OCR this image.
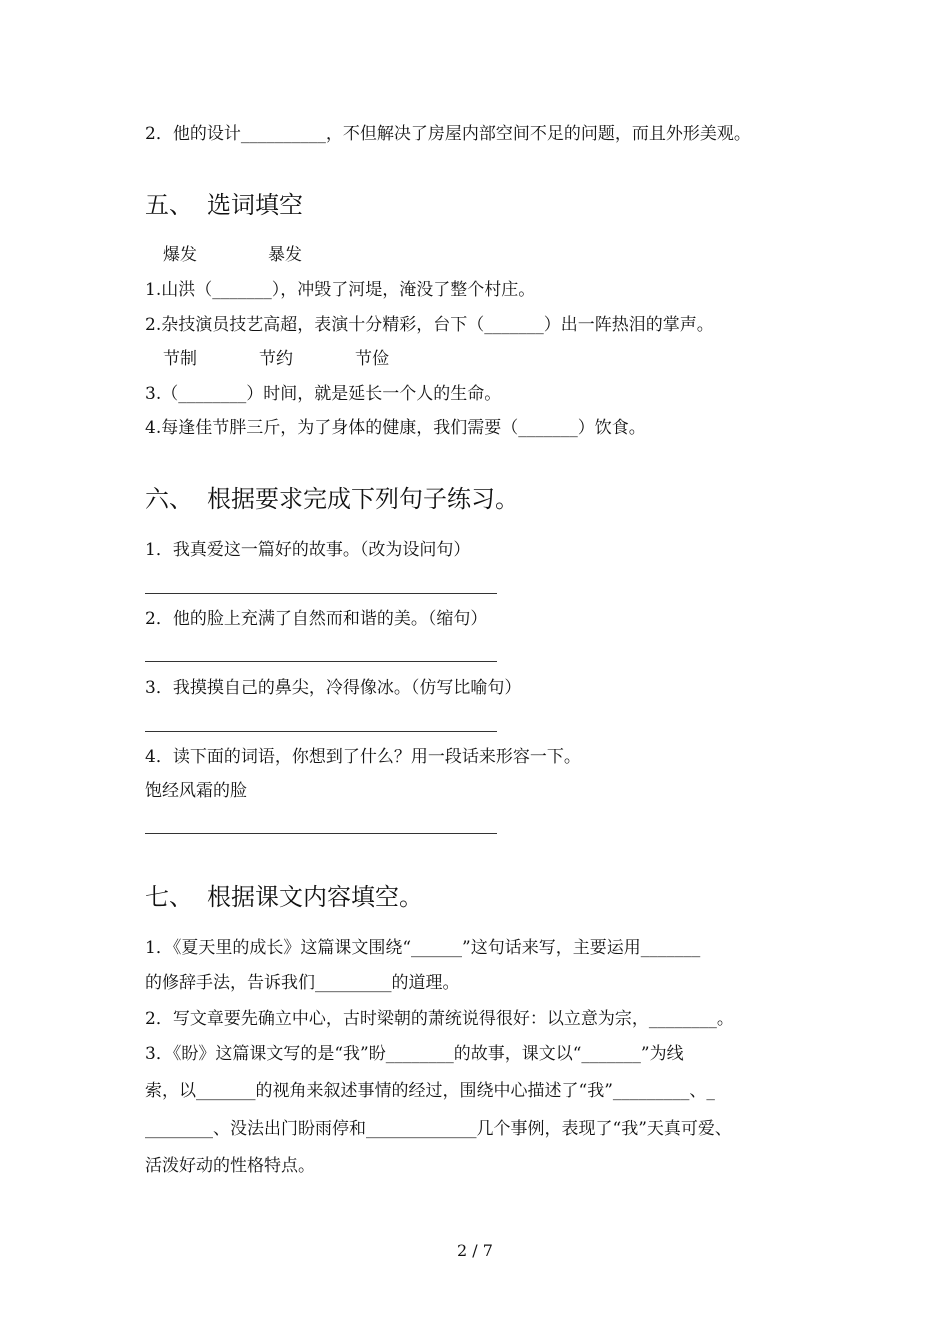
2．他的设计__________，不但解决了房屋内部空间不足的问题，而且外形美观。
五、 选词填空
爆发	暴发
1.山洪（_______），冲毁了河堤，淹没了整个村庄。
2.杂技演员技艺高超，表演十分精彩，台下（_______）出一阵热泪的掌声。
节制	节约	节俭
3.（________）时间，就是延长一个人的生命。
4.每逢佳节胖三斤，为了身体的健康，我们需要（_______）饮食。
六、 根据要求完成下列句子练习。
1．我真爱这一篇好的故事。（改为设问句）
2．他的脸上充满了自然而和谐的美。（缩句）
3．我摸摸自己的鼻尖，冷得像冰。（仿写比喻句）
4．读下面的词语，你想到了什么？用一段话来形容一下。
饱经风霜的脸
七、 根据课文内容填空。
1．《夏天里的成长》这篇课文围绕“______”这句话来写，主要运用_______
的修辞手法，告诉我们_________的道理。
2．写文章要先确立中心，古时梁朝的萧统说得很好：以立意为宗，________。
3．《盼》这篇课文写的是“我”盼________的故事，课文以“_______”为线
索，以_______的视角来叙述事情的经过，围绕中心描述了“我”_________、_
________、没法出门盼雨停和_____________几个事例，表现了“我”天真可爱、
活泼好动的性格特点。
2 / 7
